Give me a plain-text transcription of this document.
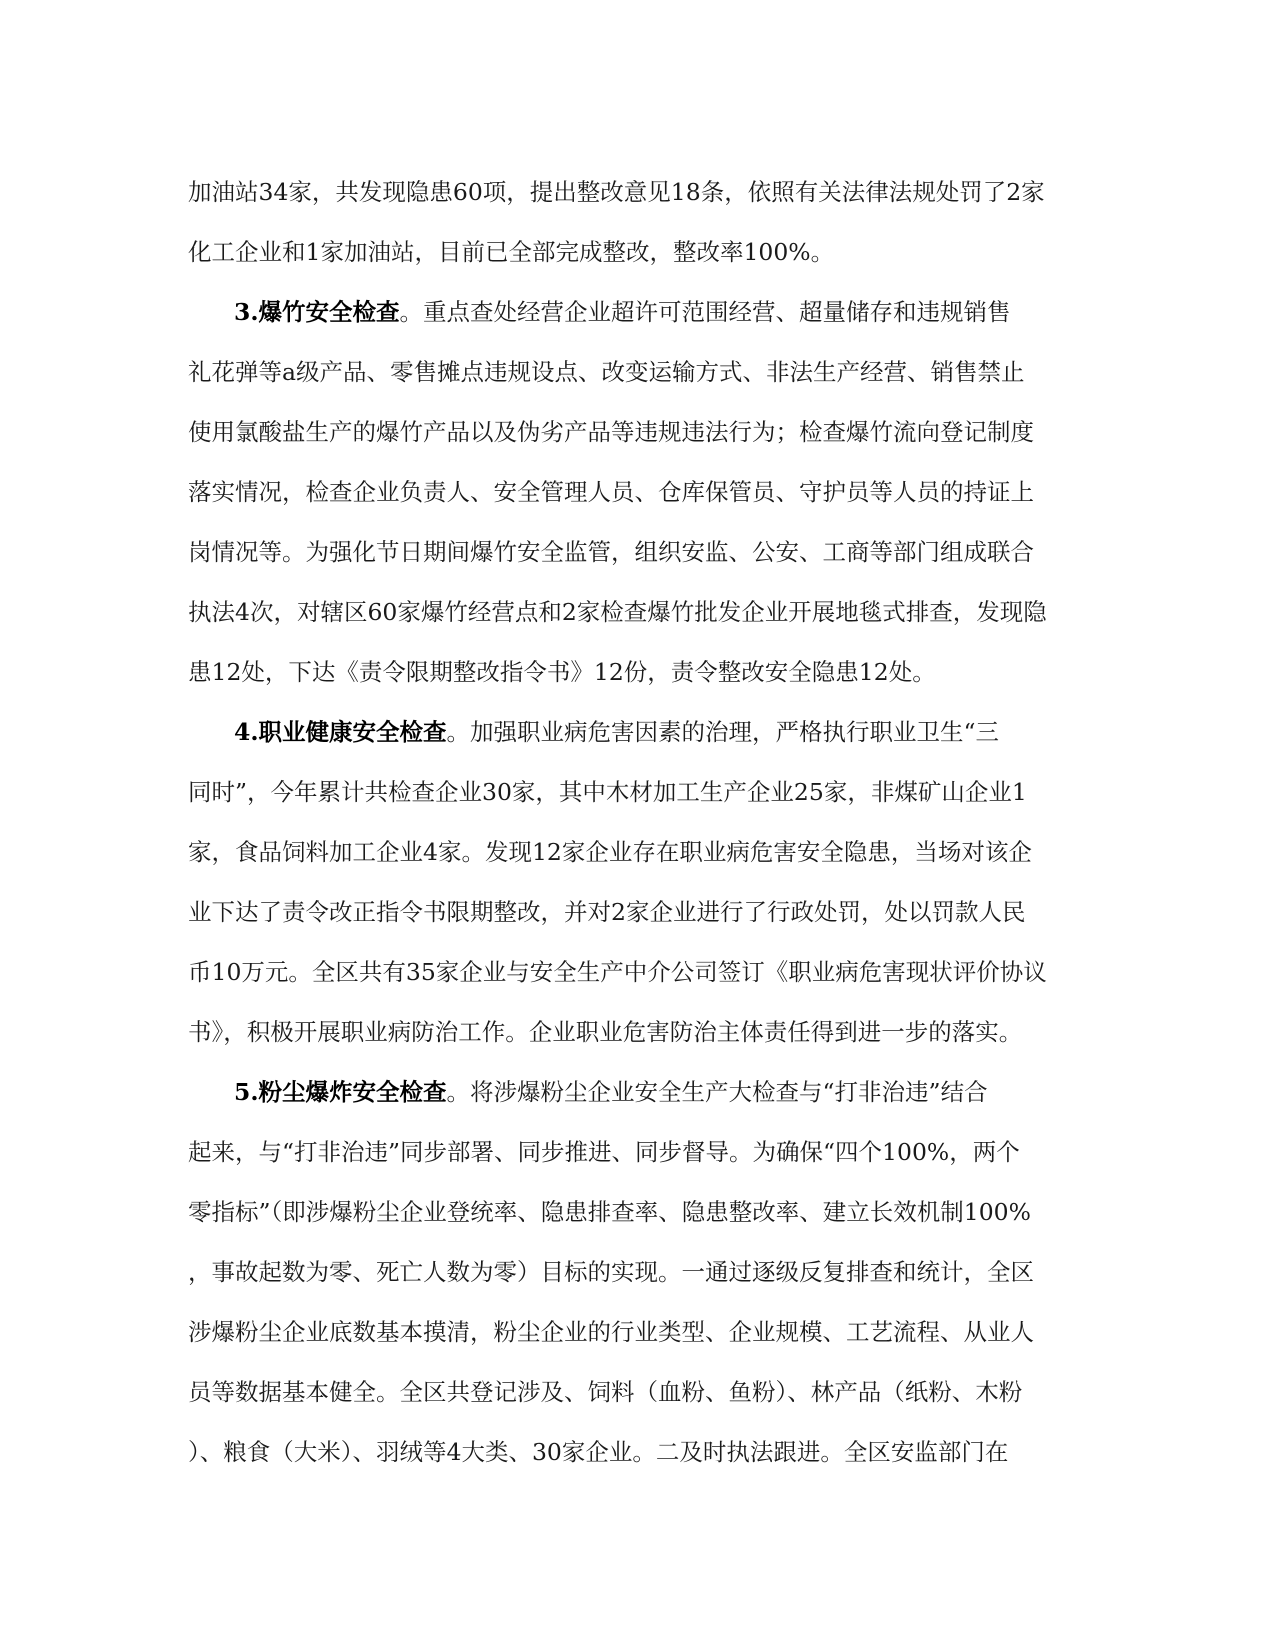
加油站34家，共发现隐患60项，提出整改意见18条，依照有关法律法规处罚了2家
化工企业和1家加油站，目前已全部完成整改，整改率100%。
3.爆竹安全检查。重点查处经营企业超许可范围经营、超量储存和违规销售
礼花弹等a级产品、零售摊点违规设点、改变运输方式、非法生产经营、销售禁止
使用氯酸盐生产的爆竹产品以及伪劣产品等违规违法行为；检查爆竹流向登记制度
落实情况，检查企业负责人、安全管理人员、仓库保管员、守护员等人员的持证上
岗情况等。为强化节日期间爆竹安全监管，组织安监、公安、工商等部门组成联合
执法4次，对辖区60家爆竹经营点和2家检查爆竹批发企业开展地毯式排查，发现隐
患12处，下达《责令限期整改指令书》12份，责令整改安全隐患12处。
4.职业健康安全检查。加强职业病危害因素的治理，严格执行职业卫生“三
同时”，今年累计共检查企业30家，其中木材加工生产企业25家，非煤矿山企业1
家，食品饲料加工企业4家。发现12家企业存在职业病危害安全隐患，当场对该企
业下达了责令改正指令书限期整改，并对2家企业进行了行政处罚，处以罚款人民
币10万元。全区共有35家企业与安全生产中介公司签订《职业病危害现状评价协议
书》，积极开展职业病防治工作。企业职业危害防治主体责任得到进一步的落实。
5.粉尘爆炸安全检查。将涉爆粉尘企业安全生产大检查与“打非治违”结合
起来，与“打非治违”同步部署、同步推进、同步督导。为确保“四个100%，两个
零指标”（即涉爆粉尘企业登统率、隐患排查率、隐患整改率、建立长效机制100%
，事故起数为零、死亡人数为零）目标的实现。一通过逐级反复排查和统计，全区
涉爆粉尘企业底数基本摸清，粉尘企业的行业类型、企业规模、工艺流程、从业人
员等数据基本健全。全区共登记涉及、饲料（血粉、鱼粉）、林产品（纸粉、木粉
）、粮食（大米）、羽绒等4大类、30家企业。二及时执法跟进。全区安监部门在
